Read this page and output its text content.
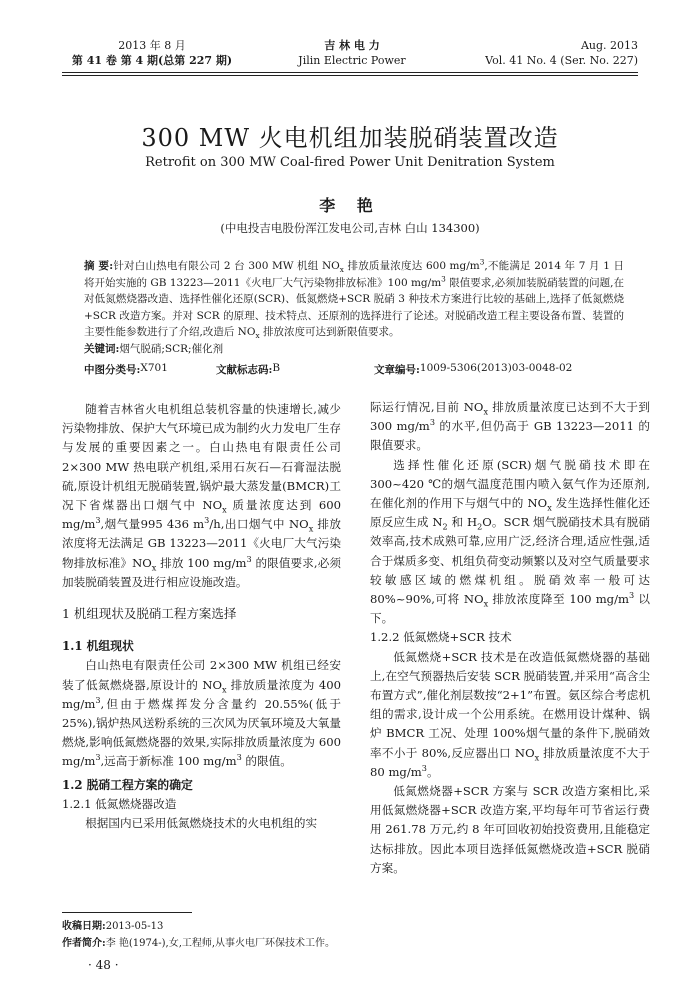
2013 年 8 月
第 41 卷 第 4 期(总第 227 期)
吉 林 电 力
Jilin Electric Power
Aug. 2013
Vol. 41 No. 4 (Ser. No. 227)
300 MW 火电机组加装脱硝装置改造
Retrofit on 300 MW Coal-fired Power Unit Denitration System
李 艳
(中电投吉电股份浑江发电公司,吉林 白山 134300)
摘 要:针对白山热电有限公司 2 台 300 MW 机组 $NO_x$ 排放质量浓度达 600 $mg/m^3$,不能满足 2014 年 7 月 1 日将开始实施的 GB 13223—2011《火电厂大气污染物排放标准》100 $mg/m^3$ 限值要求,必须加装脱硝装置的问题,在对低氮燃烧器改造、选择性催化还原(SCR)、低氮燃烧+SCR 脱硝 3 种技术方案进行比较的基础上,选择了低氮燃烧+SCR 改造方案。并对 SCR 的原理、技术特点、还原剂的选择进行了论述。对脱硝改造工程主要设备布置、装置的主要性能参数进行了介绍,改造后 $NO_x$ 排放浓度可达到新限值要求。
关键词:烟气脱硝;SCR;催化剂
中图分类号: X701	文献标志码: B	文章编号: 1009-5306(2013)03-0048-02

随着吉林省火电机组总装机容量的快速增长,减少污染物排放、保护大气环境已成为制约火力发电厂生存与发展的重要因素之一。白山热电有限责任公司2×300 MW 热电联产机组,采用石灰石—石膏湿法脱硫,原设计机组无脱硝装置,锅炉最大蒸发量(BMCR)工况下省煤器出口烟气中 $NO_x$ 质量浓度达到 600 $mg/m^3$,烟气量995 436 $m^3/h$,出口烟气中 $NO_x$ 排放浓度将无法满足 GB 13223—2011《火电厂大气污染物排放标准》$NO_x$ 排放 100 $mg/m^3$ 的限值要求,必须加装脱硝装置及进行相应设施改造。

1 机组现状及脱硝工程方案选择

1.1 机组现状

白山热电有限责任公司 2×300 MW 机组已经安装了低氮燃烧器,原设计的 $NO_x$ 排放质量浓度为 400 $mg/m^3$,但由于燃煤挥发分含量约 20.55%(低于 25%),锅炉热风送粉系统的三次风为厌氧环境及大氧量燃烧,影响低氮燃烧器的效果,实际排放质量浓度为 600 $mg/m^3$,远高于新标准 100 $mg/m^3$ 的限值。

1.2 脱硝工程方案的确定

1.2.1 低氮燃烧器改造

根据国内已采用低氮燃烧技术的火电机组的实

际运行情况,目前 $NO_x$ 排放质量浓度已达到不大于到 300 $mg/m^3$ 的水平,但仍高于 GB 13223—2011 的限值要求。

选择性催化还原(SCR)烟气脱硝技术即在 300~420 ℃的烟气温度范围内喷入氨气作为还原剂,在催化剂的作用下与烟气中的 $NO_x$ 发生选择性催化还原反应生成 $N_2$ 和 $H_2O$。SCR 烟气脱硝技术具有脱硝效率高,技术成熟可靠,应用广泛,经济合理,适应性强,适合于煤质多变、机组负荷变动频繁以及对空气质量要求较敏感区域的燃煤机组。脱硝效率一般可达 80%~90%,可将 $NO_x$ 排放浓度降至 100 $mg/m^3$ 以下。

1.2.2 低氮燃烧+SCR 技术

低氮燃烧+SCR 技术是在改造低氮燃烧器的基础上,在空气预器热后安装 SCR 脱硝装置,并采用“高含尘布置方式”,催化剂层数按“2+1”布置。氨区综合考虑机组的需求,设计成一个公用系统。在燃用设计煤种、锅炉 BMCR 工况、处理 100%烟气量的条件下,脱硝效率不小于 80%,反应器出口 $NO_x$ 排放质量浓度不大于 80 $mg/m^3$。

低氮燃烧器+SCR 方案与 SCR 改造方案相比,采用低氮燃烧器+SCR 改造方案,平均每年可节省运行费用 261.78 万元,约 8 年可回收初始投资费用,且能稳定达标排放。因此本项目选择低氮燃烧改造+SCR 脱硝方案。

收稿日期:2013-05-13
作者简介:李 艳(1974-),女,工程师,从事火电厂环保技术工作。
· 48 ·
